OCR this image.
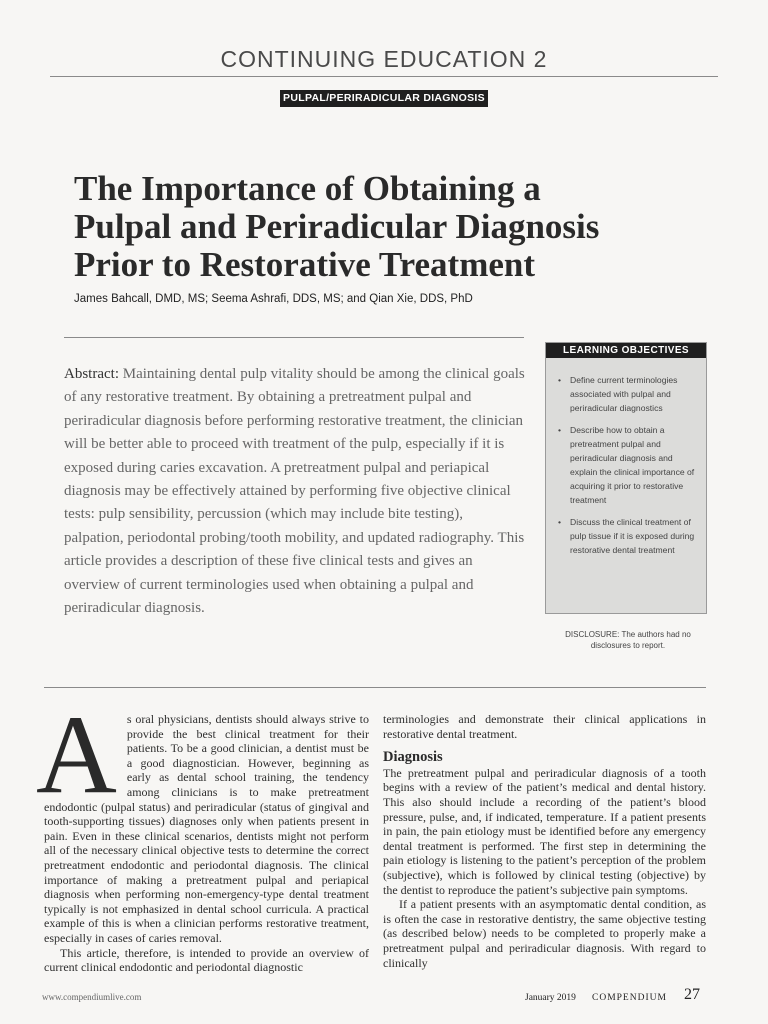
CONTINUING EDUCATION 2
PULPAL/PERIRADICULAR DIAGNOSIS
The Importance of Obtaining a
Pulpal and Periradicular Diagnosis
Prior to Restorative Treatment
James Bahcall, DMD, MS; Seema Ashrafi, DDS, MS; and Qian Xie, DDS, PhD

Abstract: Maintaining dental pulp vitality should be among the clinical goals of any restorative treatment. By obtaining a pretreatment pulpal and periradicular diagnosis before performing restorative treatment, the clinician will be better able to proceed with treatment of the pulp, especially if it is exposed during caries excavation. A pretreatment pulpal and periapical diagnosis may be effectively attained by performing five objective clinical tests: pulp sensibility, percussion (which may include bite testing), palpation, periodontal probing/tooth mobility, and updated radiography. This article provides a description of these five clinical tests and gives an overview of current terminologies used when obtaining a pulpal and periradicular diagnosis.

LEARNING OBJECTIVES
• Define current terminologies associated with pulpal and periradicular diagnostics
• Describe how to obtain a pretreatment pulpal and periradicular diagnosis and explain the clinical importance of acquiring it prior to restorative treatment
• Discuss the clinical treatment of pulp tissue if it is exposed during restorative dental treatment
DISCLOSURE: The authors had no disclosures to report.

As oral physicians, dentists should always strive to provide the best clinical treatment for their patients. To be a good clinician, a dentist must be a good diagnostician. However, beginning as early as dental school training, the tendency among clinicians is to make pretreatment endodontic (pulpal status) and periradicular (status of gingival and tooth-supporting tissues) diagnoses only when patients present in pain. Even in these clinical scenarios, dentists might not perform all of the necessary clinical objective tests to determine the correct pretreatment endodontic and periodontal diagnosis. The clinical importance of making a pretreatment pulpal and periapical diagnosis when performing non-emergency-type dental treatment typically is not emphasized in dental school curricula. A practical example of this is when a clinician performs restorative treatment, especially in cases of caries removal.

This article, therefore, is intended to provide an overview of current clinical endodontic and periodontal diagnostic

terminologies and demonstrate their clinical applications in restorative dental treatment.

Diagnosis

The pretreatment pulpal and periradicular diagnosis of a tooth begins with a review of the patient’s medical and dental history. This also should include a recording of the patient’s blood pressure, pulse, and, if indicated, temperature. If a patient presents in pain, the pain etiology must be identified before any emergency dental treatment is performed. The first step in determining the pain etiology is listening to the patient’s perception of the problem (subjective), which is followed by clinical testing (objective) by the dentist to reproduce the patient’s subjective pain symptoms.

If a patient presents with an asymptomatic dental condition, as is often the case in restorative dentistry, the same objective testing (as described below) needs to be completed to properly make a pretreatment pulpal and periradicular diagnosis. With regard to clinically

www.compendiumlive.com	January 2019 COMPENDIUM 27
